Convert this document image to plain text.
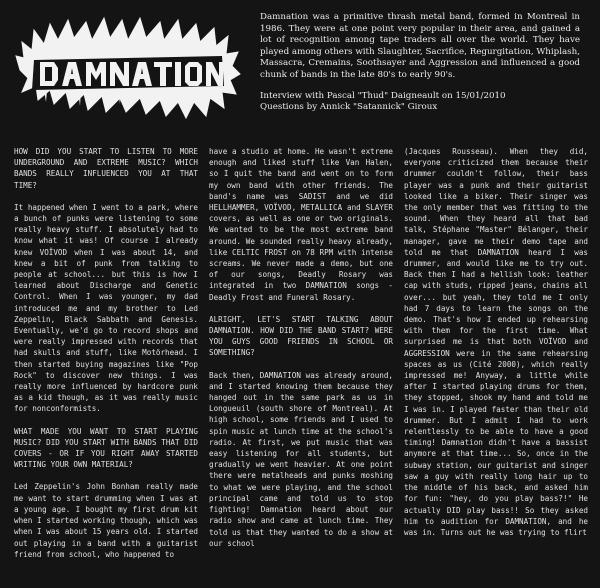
Damnation was a primitive thrash metal band, formed in Montreal in 1986. They were at one point very popular in their area, and gained a lot of recognition among tape traders all over the world. They have played among others with Slaughter, Sacrifice, Regurgitation, Whiplash, Massacra, Cremains, Soothsayer and Aggression and influenced a good chunk of bands in the late 80's to early 90's.

Interview with Pascal "Thud" Daigneault on 15/01/2010

Questions by Annick "Satannick" Giroux

HOW DID YOU START TO LISTEN TO MORE UNDERGROUND AND EXTREME MUSIC? WHICH BANDS REALLY INFLUENCED YOU AT THAT TIME?

It happened when I went to a park, where a bunch of punks were listening to some really heavy stuff. I absolutely had to know what it was! Of course I already knew VOÏVOD when I was about 14, and knew a bit of punk from talking to people at school... but this is how I learned about Discharge and Genetic Control. When I was younger, my dad introduced me and my brother to Led Zeppelin, Black Sabbath and Genesis. Eventually, we'd go to record shops and were really impressed with records that had skulls and stuff, like Motörhead. I then started buying magazines like "Pop Rock" to discover new things. I was really more influenced by hardcore punk as a kid though, as it was really music for nonconformists.

WHAT MADE YOU WANT TO START PLAYING MUSIC? DID YOU START WITH BANDS THAT DID COVERS - OR IF YOU RIGHT AWAY STARTED WRITING YOUR OWN MATERIAL?

Led Zeppelin's John Bonham really made me want to start drumming when I was at a young age. I bought my first drum kit when I started working though, which was when I was about 15 years old. I started out playing in a band with a guitarist friend from school, who happened to

have a studio at home. He wasn't extreme enough and liked stuff like Van Halen, so I quit the band and went on to form my own band with other friends. The band's name was SADIST and we did HELLHAMMER, VOÏVOD, METALLICA and SLAYER covers, as well as one or two originals. We wanted to be the most extreme band around. We sounded really heavy already, like CELTIC FROST on 78 RPM with intense screams. We never made a demo, but one of our songs, Deadly Rosary was integrated in two DAMNATION songs - Deadly Frost and Funeral Rosary.

ALRIGHT, LET'S START TALKING ABOUT DAMNATION. HOW DID THE BAND START? WERE YOU GUYS GOOD FRIENDS IN SCHOOL OR SOMETHING?

Back then, DAMNATION was already around, and I started knowing them because they hanged out in the same park as us in Longueuil (south shore of Montreal). At high school, some friends and I used to spin music at lunch time at the school's radio. At first, we put music that was easy listening for all students, but gradually we went heavier. At one point there were metalheads and punks moshing to what we were playing, and the school principal came and told us to stop fighting! Damnation heard about our radio show and came at lunch time. They told us that they wanted to do a show at our school

(Jacques Rousseau). When they did, everyone criticized them because their drummer couldn't follow, their bass player was a punk and their guitarist looked like a biker. Their singer was the only member that was fitting to the sound. When they heard all that bad talk, Stéphane "Master" Bélanger, their manager, gave me their demo tape and told me that DAMNATION heard I was drummer, and would like me to try out. Back then I had a hellish look: leather cap with studs, ripped jeans, chains all over... but yeah, they told me I only had 7 days to learn the songs on the demo. That's how I ended up rehearsing with them for the first time. What surprised me is that both VOÏVOD and AGGRESSION were in the same rehearsing spaces as us (Cité 2000), which really impressed me! Anyway, a little while after I started playing drums for them, they stopped, shook my hand and told me I was in. I played faster than their old drummer. But I admit I had to work relentlessly to be able to have a good timing! Damnation didn't have a bassist anymore at that time... So, once in the subway station, our guitarist and singer saw a guy with really long hair up to the middle of his back, and asked him for fun: "hey, do you play bass?!" He actually DID play bass!! So they asked him to audition for DAMNATION, and he was in. Turns out he was trying to flirt
